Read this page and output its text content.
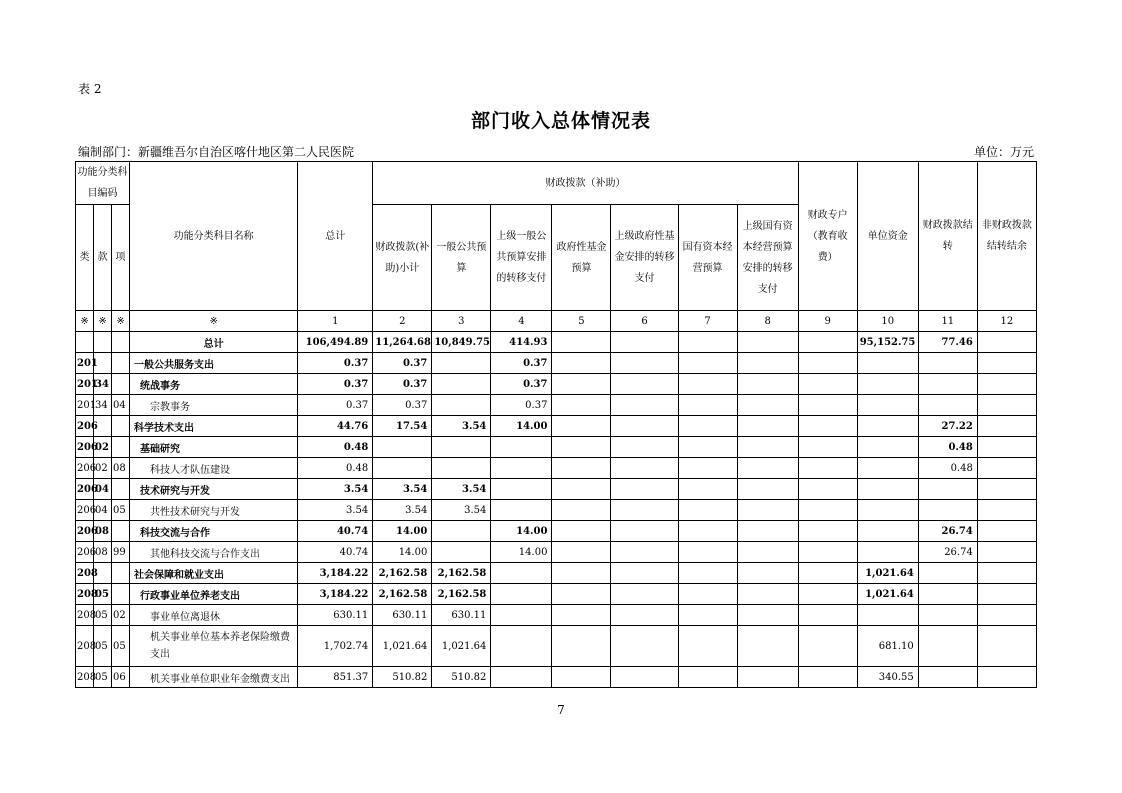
表 2
部门收入总体情况表
编制部门：新疆维吾尔自治区喀什地区第二人民医院	单位：万元
功能分类科目编码			功能分类科目名称	总计	财政拨款（补助）							财政专户（教育收费）	单位资金	财政拨款结转	非财政拨款结转结余
类	款	项			财政拨款(补助)小计	一般公共预算	上级一般公共预算安排的转移支付	政府性基金预算	上级政府性基金安排的转移支付	国有资本经营预算	上级国有资本经营预算安排的转移支付				
※	※	※	※	1	2	3	4	5	6	7	8	9	10	11	12
			总计	106,494.89	11,264.68	10,849.75	414.93						95,152.75	77.46	
201			一般公共服务支出	0.37	0.37		0.37								
201	34		统战事务	0.37	0.37		0.37								
201	34	04	宗教事务	0.37	0.37		0.37								
206			科学技术支出	44.76	17.54	3.54	14.00							27.22	
206	02		基础研究	0.48										0.48	
206	02	08	科技人才队伍建设	0.48										0.48	
206	04		技术研究与开发	3.54	3.54	3.54									
206	04	05	共性技术研究与开发	3.54	3.54	3.54									
206	08		科技交流与合作	40.74	14.00		14.00							26.74	
206	08	99	其他科技交流与合作支出	40.74	14.00		14.00							26.74	
208			社会保障和就业支出	3,184.22	2,162.58	2,162.58							1,021.64		
208	05		行政事业单位养老支出	3,184.22	2,162.58	2,162.58							1,021.64		
208	05	02	事业单位离退休	630.11	630.11	630.11									
208	05	05	机关事业单位基本养老保险缴费支出	1,702.74	1,021.64	1,021.64							681.10		
208	05	06	机关事业单位职业年金缴费支出	851.37	510.82	510.82							340.55		
7
